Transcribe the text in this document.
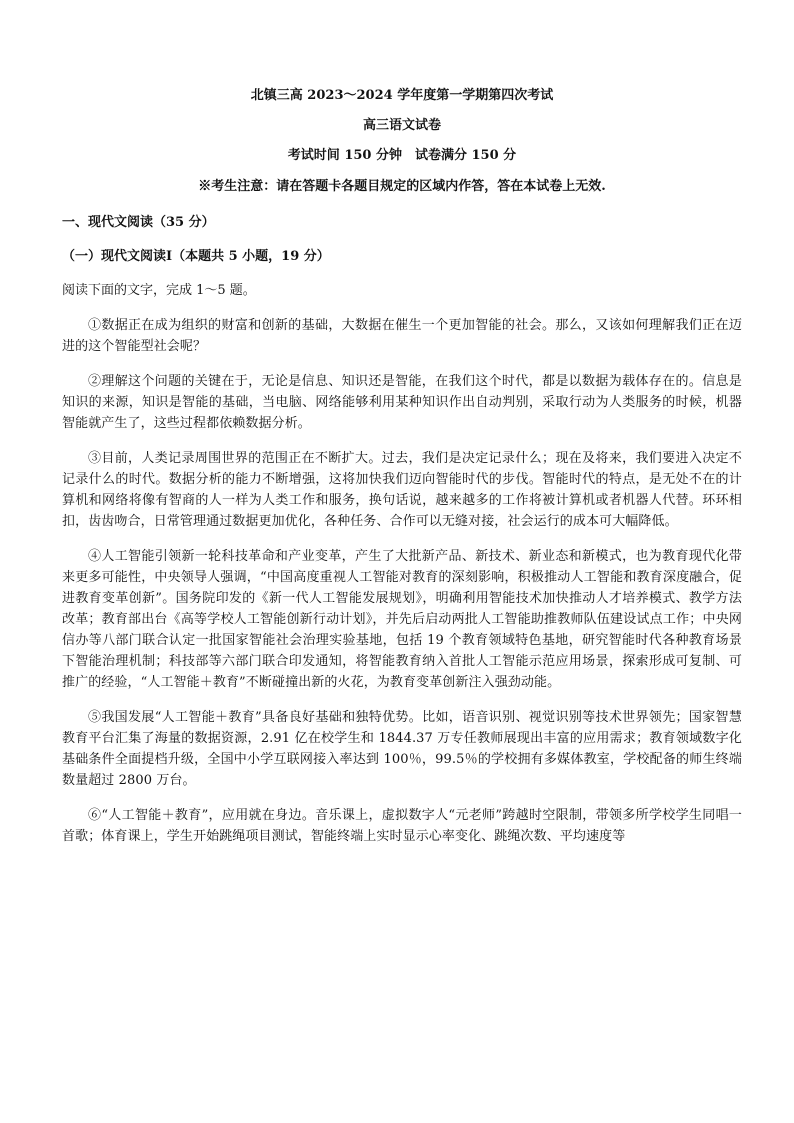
北镇三高 2023～2024 学年度第一学期第四次考试
高三语文试卷
考试时间 150 分钟　试卷满分 150 分
※考生注意：请在答题卡各题目规定的区域内作答，答在本试卷上无效.
一、现代文阅读（35 分）
（一）现代文阅读Ⅰ（本题共 5 小题，19 分）
阅读下面的文字，完成 1～5 题。

①数据正在成为组织的财富和创新的基础，大数据在催生一个更加智能的社会。那么，又该如何理解我们正在迈进的这个智能型社会呢？

②理解这个问题的关键在于，无论是信息、知识还是智能，在我们这个时代，都是以数据为载体存在的。信息是知识的来源，知识是智能的基础，当电脑、网络能够利用某种知识作出自动判别，采取行动为人类服务的时候，机器智能就产生了，这些过程都依赖数据分析。

③目前，人类记录周围世界的范围正在不断扩大。过去，我们是决定记录什么；现在及将来，我们要进入决定不记录什么的时代。数据分析的能力不断增强，这将加快我们迈向智能时代的步伐。智能时代的特点，是无处不在的计算机和网络将像有智商的人一样为人类工作和服务，换句话说，越来越多的工作将被计算机或者机器人代替。环环相扣，齿齿吻合，日常管理通过数据更加优化，各种任务、合作可以无缝对接，社会运行的成本可大幅降低。

④人工智能引领新一轮科技革命和产业变革，产生了大批新产品、新技术、新业态和新模式，也为教育现代化带来更多可能性，中央领导人强调，“中国高度重视人工智能对教育的深刻影响，积极推动人工智能和教育深度融合，促进教育变革创新”。国务院印发的《新一代人工智能发展规划》，明确利用智能技术加快推动人才培养模式、教学方法改革；教育部出台《高等学校人工智能创新行动计划》，并先后启动两批人工智能助推教师队伍建设试点工作；中央网信办等八部门联合认定一批国家智能社会治理实验基地，包括 19 个教育领域特色基地，研究智能时代各种教育场景下智能治理机制；科技部等六部门联合印发通知，将智能教育纳入首批人工智能示范应用场景，探索形成可复制、可推广的经验，“人工智能＋教育”不断碰撞出新的火花，为教育变革创新注入强劲动能。

⑤我国发展“人工智能＋教育”具备良好基础和独特优势。比如，语音识别、视觉识别等技术世界领先；国家智慧教育平台汇集了海量的数据资源，2.91 亿在校学生和 1844.37 万专任教师展现出丰富的应用需求；教育领域数字化基础条件全面提档升级，全国中小学互联网接入率达到 100％，99.5％的学校拥有多媒体教室，学校配备的师生终端数量超过 2800 万台。

⑥“人工智能＋教育”，应用就在身边。音乐课上，虚拟数字人“元老师”跨越时空限制，带领多所学校学生同唱一首歌；体育课上，学生开始跳绳项目测试，智能终端上实时显示心率变化、跳绳次数、平均速度等
